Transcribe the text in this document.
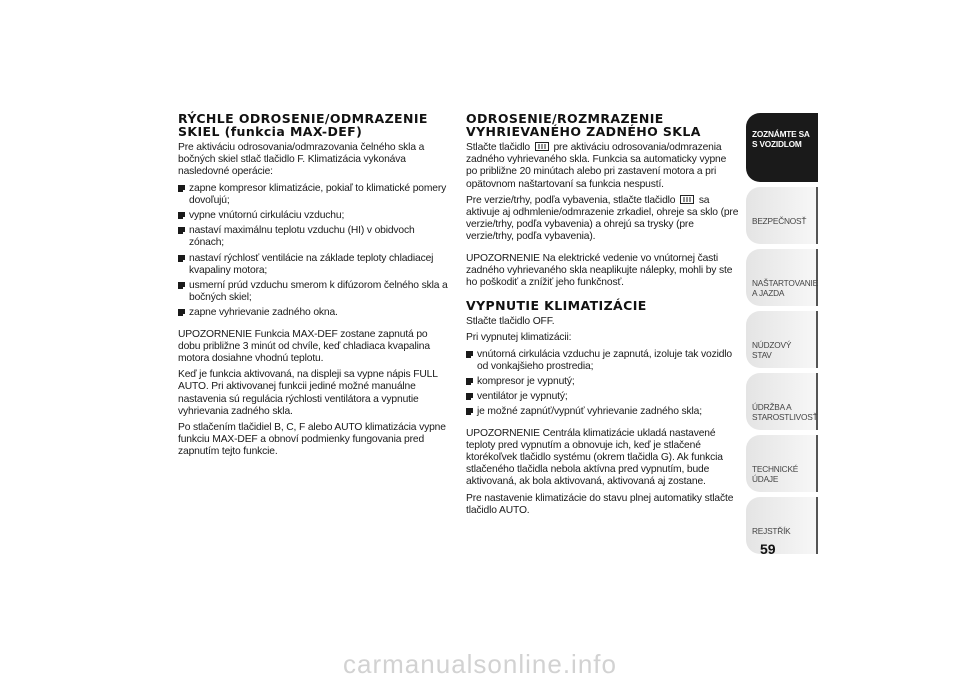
RÝCHLE ODROSENIE/ODMRAZENIE SKIEL (funkcia MAX-DEF)

Pre aktiváciu odrosovania/odmrazovania čelného skla a bočných skiel stlač tlačidlo F. Klimatizácia vykonáva nasledovné operácie:

zapne kompresor klimatizácie, pokiaľ to klimatické pomery dovoľujú;
vypne vnútornú cirkuláciu vzduchu;
nastaví maximálnu teplotu vzduchu (HI) v obidvoch zónach;
nastaví rýchlosť ventilácie na základe teploty chladiacej kvapaliny motora;
usmerní prúd vzduchu smerom k difúzorom čelného skla a bočných skiel;
zapne vyhrievanie zadného okna.

UPOZORNENIE Funkcia MAX-DEF zostane zapnutá po dobu približne 3 minút od chvíle, keď chladiaca kvapalina motora dosiahne vhodnú teplotu.

Keď je funkcia aktivovaná, na displeji sa vypne nápis FULL AUTO. Pri aktivovanej funkcii jediné možné manuálne nastavenia sú regulácia rýchlosti ventilátora a vypnutie vyhrievania zadného skla.

Po stlačením tlačidiel B, C, F alebo AUTO klimatizácia vypne funkciu MAX-DEF a obnoví podmienky fungovania pred zapnutím tejto funkcie.

ODROSENIE/ROZMRAZENIE VYHRIEVANÉHO ZADNÉHO SKLA

Stlačte tlačidlo pre aktiváciu odrosovania/odmrazenia zadného vyhrievaného skla. Funkcia sa automaticky vypne po približne 20 minútach alebo pri zastavení motora a pri opätovnom naštartovaní sa funkcia nespustí.

Pre verzie/trhy, podľa vybavenia, stlačte tlačidlo sa aktivuje aj odhmlenie/odmrazenie zrkadiel, ohreje sa sklo (pre verzie/trhy, podľa vybavenia) a ohrejú sa trysky (pre verzie/trhy, podľa vybavenia).

UPOZORNENIE Na elektrické vedenie vo vnútornej časti zadného vyhrievaného skla neaplikujte nálepky, mohli by ste ho poškodiť a znížiť jeho funkčnosť.

VYPNUTIE KLIMATIZÁCIE

Stlačte tlačidlo OFF.

Pri vypnutej klimatizácii:

vnútorná cirkulácia vzduchu je zapnutá, izoluje tak vozidlo od vonkajšieho prostredia;
kompresor je vypnutý;
ventilátor je vypnutý;
je možné zapnúť/vypnúť vyhrievanie zadného skla;

UPOZORNENIE Centrála klimatizácie ukladá nastavené teploty pred vypnutím a obnovuje ich, keď je stlačené ktorékoľvek tlačidlo systému (okrem tlačidla G). Ak funkcia stlačeného tlačidla nebola aktívna pred vypnutím, bude aktivovaná, ak bola aktivovaná, aktivovaná aj zostane.

Pre nastavenie klimatizácie do stavu plnej automatiky stlačte tlačidlo AUTO.

ZOZNÁMTE SA S VOZIDLOM
BEZPEČNOSŤ
NAŠTARTOVANIE A JAZDA
NÚDZOVÝ STAV
ÚDRŽBA A STAROSTLIVOSŤ
TECHNICKÉ ÚDAJE
REJSTŘÍK
59
carmanualsonline.info
